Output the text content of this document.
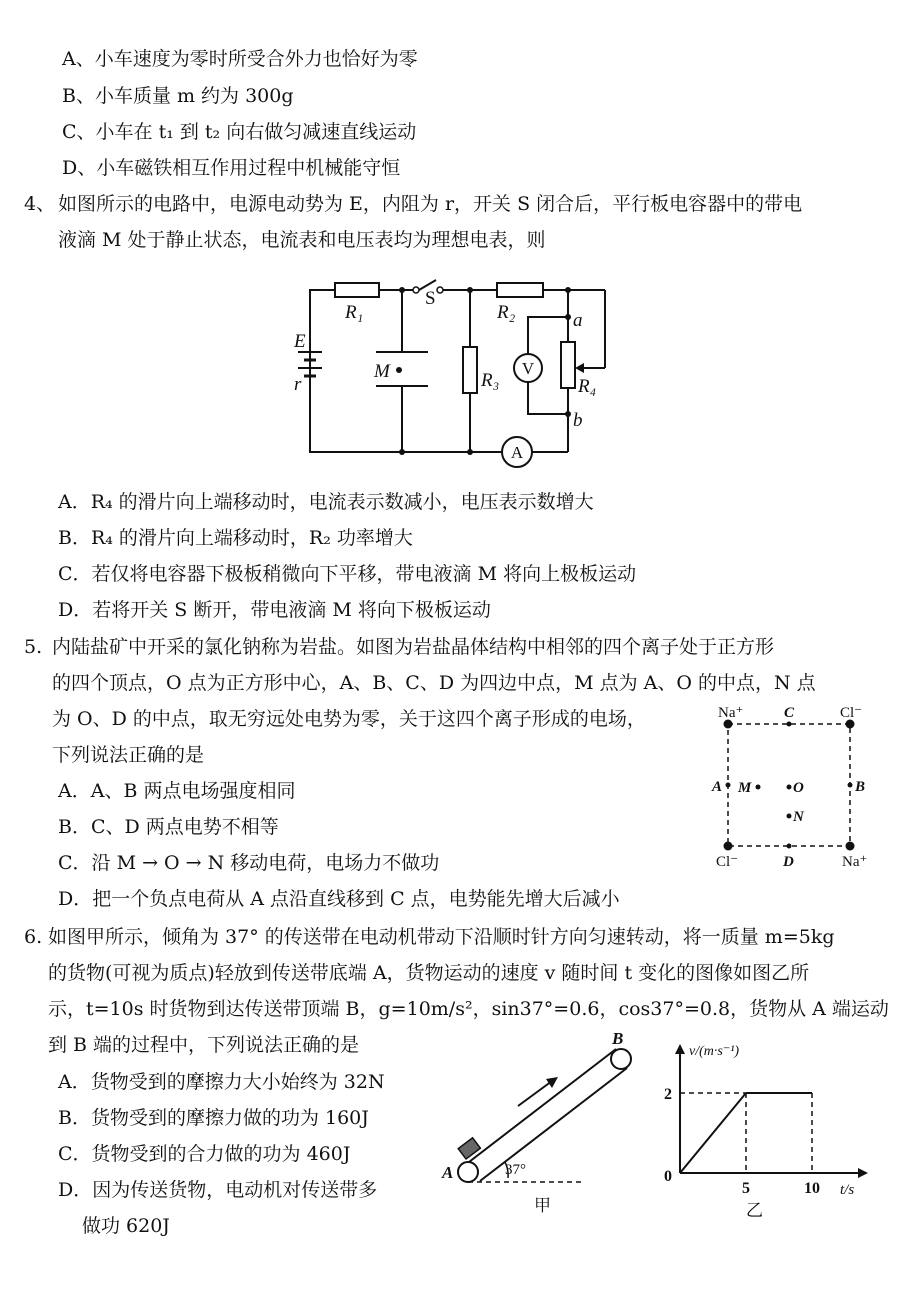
A、小车速度为零时所受合外力也恰好为零
B、小车质量 m 约为 300g
C、小车在 t₁ 到 t₂ 向右做匀减速直线运动
D、小车磁铁相互作用过程中机械能守恒
4、 如图所示的电路中，电源电动势为 E，内阻为 r，开关 S 闭合后，平行板电容器中的带电
液滴 M 处于静止状态，电流表和电压表均为理想电表，则
R₁	R₂
R₃	R₄
E
r
M
a
b
S
V
A
A．R₄ 的滑片向上端移动时，电流表示数减小，电压表示数增大
B．R₄ 的滑片向上端移动时，R₂ 功率增大
C．若仅将电容器下极板稍微向下平移，带电液滴 M 将向上极板运动
D．若将开关 S 断开，带电液滴 M 将向下极板运动
5. 内陆盐矿中开采的氯化钠称为岩盐。如图为岩盐晶体结构中相邻的四个离子处于正方形
的四个顶点，O 点为正方形中心，A、B、C、D 为四边中点，M 点为 A、O 的中点，N 点
为 O、D 的中点，取无穷远处电势为零，关于这四个离子形成的电场，
下列说法正确的是
A．A、B 两点电场强度相同
B．C、D 两点电势不相等
C．沿 M → O → N 移动电荷，电场力不做功
D．把一个负点电荷从 A 点沿直线移到 C 点，电势能先增大后减小
Na⁺	Cl⁻
Cl⁻	Na⁺
C
D
A	B
M	O
N
6. 如图甲所示，倾角为 37° 的传送带在电动机带动下沿顺时针方向匀速转动，将一质量 m=5kg
的货物(可视为质点)轻放到传送带底端 A，货物运动的速度 v 随时间 t 变化的图像如图乙所
示，t=10s 时货物到达传送带顶端 B，g=10m/s²，sin37°=0.6，cos37°=0.8，货物从 A 端运动
到 B 端的过程中，下列说法正确的是
A．货物受到的摩擦力大小始终为 32N
B．货物受到的摩擦力做的功为 160J
C．货物受到的合力做的功为 460J
D．因为传送货物，电动机对传送带多
做功 620J
A
B
37°
甲
v/(m·s⁻¹)
t/s
0
5	10
2
乙
